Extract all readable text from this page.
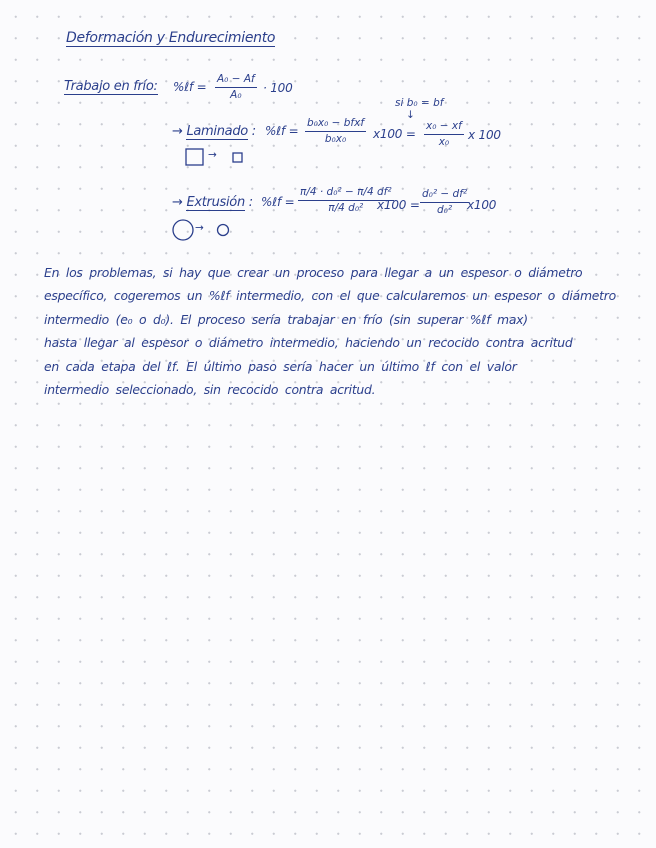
Deformación y Endurecimiento
Trabajo en frío: %ℓf = $\frac{\text{A₀ − Af}}{\text{A₀}} \cdot 100$
si b₀ = bf
↓
→ Laminado : %ℓf =
b₀x₀ − bfxf
b₀x₀ $x100 = \frac{\text{x₀ − xf}}{\text{x₀}}$ x 100
→
→ Extrusión : %ℓf = $\frac{\text{π/4 · d₀² − π/4 df²}}{\text{π/4 d₀²}}$
$x100 = \frac{\text{d₀² − df²}}{\text{d₀²}}$
x100
→
En los problemas, si hay que crear un proceso para llegar a un espesor o diámetro
específico, cogeremos un %ℓf intermedio, con el que calcularemos un espesor o diámetro
intermedio (e₀ o d₀). El proceso sería trabajar en frío (sin superar %ℓf max)
hasta llegar al espesor o diámetro intermedio, haciendo un recocido contra acritud
en cada etapa del ℓf. El último paso sería hacer un último ℓf con el valor
intermedio seleccionado, sin recocido contra acritud.
